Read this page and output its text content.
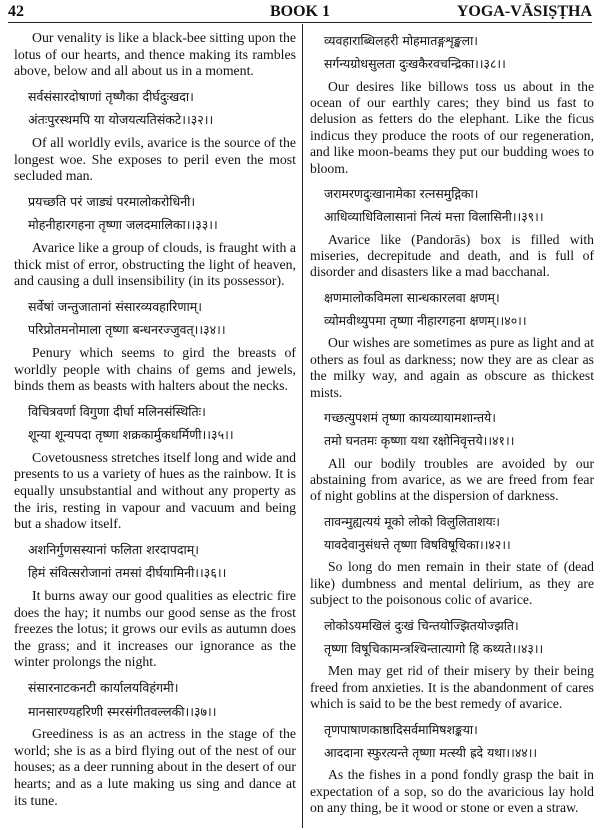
42	BOOK 1	YOGA-VĀSIṢṬHA
Our venality is like a black-bee sitting upon the lotus of our hearts, and thence making its rambles above, below and all about us in a moment.
सर्वसंसारदोषाणां तृष्णैका दीर्घदुःखदा।
अंतःपुरस्थमपि या योजयत्यतिसंकटे।।३२।।
Of all worldly evils, avarice is the source of the longest woe. She exposes to peril even the most secluded man.
प्रयच्छति परं जाड्यं परमालोकरोधिनी।
मोहनीहारगहना तृष्णा जलदमालिका।।३३।।
Avarice like a group of clouds, is fraught with a thick mist of error, obstructing the light of heaven, and causing a dull insensibility (in its possessor).
सर्वेषां जन्तुजातानां संसारव्यवहारिणाम्।
परिप्रोतमनोमाला तृष्णा बन्धनरज्जुवत्।।३४।।
Penury which seems to gird the breasts of worldly people with chains of gems and jewels, binds them as beasts with halters about the necks.
विचित्रवर्णा विगुणा दीर्घा मलिनसंस्थितिः।
शून्या शून्यपदा तृष्णा शक्रकार्मुकधर्मिणी।।३५।।
Covetousness stretches itself long and wide and presents to us a variety of hues as the rainbow. It is equally unsubstantial and without any property as the iris, resting in vapour and vacuum and being but a shadow itself.
अशनिर्गुणसस्यानां फलिता शरदापदाम्।
हिमं संवित्सरोजानां तमसां दीर्घयामिनी।।३६।।
It burns away our good qualities as electric fire does the hay; it numbs our good sense as the frost freezes the lotus; it grows our evils as autumn does the grass; and it increases our ignorance as the winter prolongs the night.
संसारनाटकनटी कार्यालयविहंगमी।
मानसारण्यहरिणी स्मरसंगीतवल्लकी।।३७।।
Greediness is as an actress in the stage of the world; she is as a bird flying out of the nest of our houses; as a deer running about in the desert of our hearts; and as a lute making us sing and dance at its tune.
व्यवहाराब्धिलहरी मोहमातङ्गशृङ्खला।
सर्गन्यग्रोधसुलता दुःखकैरवचन्द्रिका।।३८।।
Our desires like billows toss us about in the ocean of our earthly cares; they bind us fast to delusion as fetters do the elephant. Like the ficus indicus they produce the roots of our regeneration, and like moon-beams they put our budding woes to bloom.
जरामरणदुःखानामेका रत्नसमुद्गिका।
आधिव्याधिविलासानां नित्यं मत्ता विलासिनी।।३९।।
Avarice like (Pandorās) box is filled with miseries, decrepitude and death, and is full of disorder and disasters like a mad bacchanal.
क्षणमालोकविमला सान्धकारलवा क्षणम्।
व्योमवीथ्युपमा तृष्णा नीहारगहना क्षणम्।।४०।।
Our wishes are sometimes as pure as light and at others as foul as darkness; now they are as clear as the milky way, and again as obscure as thickest mists.
गच्छत्युपशमं तृष्णा कायव्यायामशान्तये।
तमो घनतमः कृष्णा यथा रक्षोनिवृत्तये।।४१।।
All our bodily troubles are avoided by our abstaining from avarice, as we are freed from fear of night goblins at the dispersion of darkness.
तावन्मुह्यत्ययं मूको लोको विलुलिताशयः।
यावदेवानुसंधत्ते तृष्णा विषविषूचिका।।४२।।
So long do men remain in their state of (dead like) dumbness and mental delirium, as they are subject to the poisonous colic of avarice.
लोकोऽयमखिलं दुःखं चिन्तयोज्झितयोज्झति।
तृष्णा विषूचिकामन्त्रश्चिन्तात्यागो हि कथ्यते।।४३।।
Men may get rid of their misery by their being freed from anxieties. It is the abandonment of cares which is said to be the best remedy of avarice.
तृणपाषाणकाष्ठादिसर्वमामिषशङ्कया।
आददाना स्फुरत्यन्ते तृष्णा मत्स्यी ह्रदे यथा।।४४।।
As the fishes in a pond fondly grasp the bait in expectation of a sop, so do the avaricious lay hold on any thing, be it wood or stone or even a straw.
